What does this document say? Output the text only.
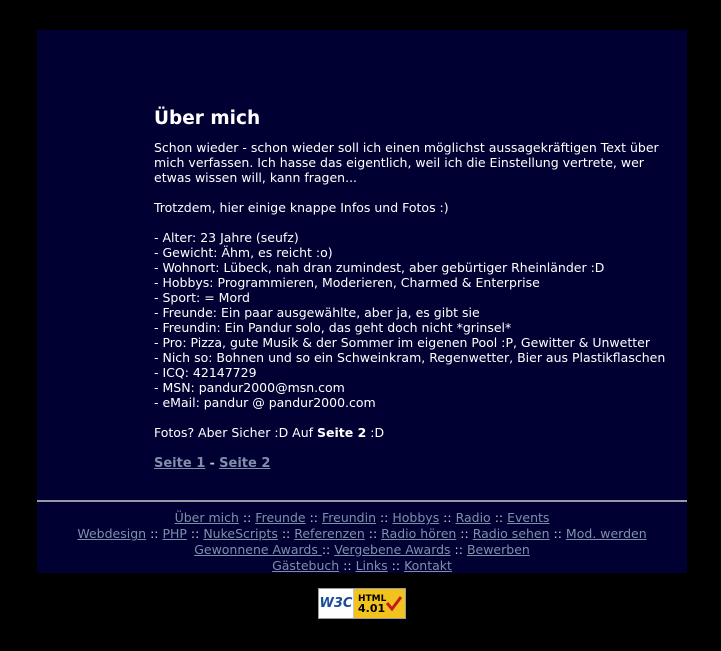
Über mich

Schon wieder - schon wieder soll ich einen möglichst aussagekräftigen Text über mich verfassen. Ich hasse das eigentlich, weil ich die Einstellung vertrete, wer etwas wissen will, kann fragen...

Trotzdem, hier einige knappe Infos und Fotos :)

- Alter: 23 Jahre (seufz)
- Gewicht: Ähm, es reicht :o)
- Wohnort: Lübeck, nah dran zumindest, aber gebürtiger Rheinländer :D
- Hobbys: Programmieren, Moderieren, Charmed & Enterprise
- Sport: = Mord
- Freunde: Ein paar ausgewählte, aber ja, es gibt sie
- Freundin: Ein Pandur solo, das geht doch nicht *grinsel*
- Pro: Pizza, gute Musik & der Sommer im eigenen Pool :P, Gewitter & Unwetter
- Nich so: Bohnen und so ein Schweinkram, Regenwetter, Bier aus Plastikflaschen
- ICQ: 42147729
- MSN: pandur2000@msn.com
- eMail: pandur @ pandur2000.com

Fotos? Aber Sicher :D Auf Seite 2 :D

Seite 1 - Seite 2

Über mich :: Freunde :: Freundin :: Hobbys :: Radio :: Events
Webdesign :: PHP :: NukeScripts :: Referenzen :: Radio hören :: Radio sehen :: Mod. werden
Gewonnene Awards :: Vergebene Awards :: Bewerben
Gästebuch :: Links :: Kontakt
W3C HTML
4.01
